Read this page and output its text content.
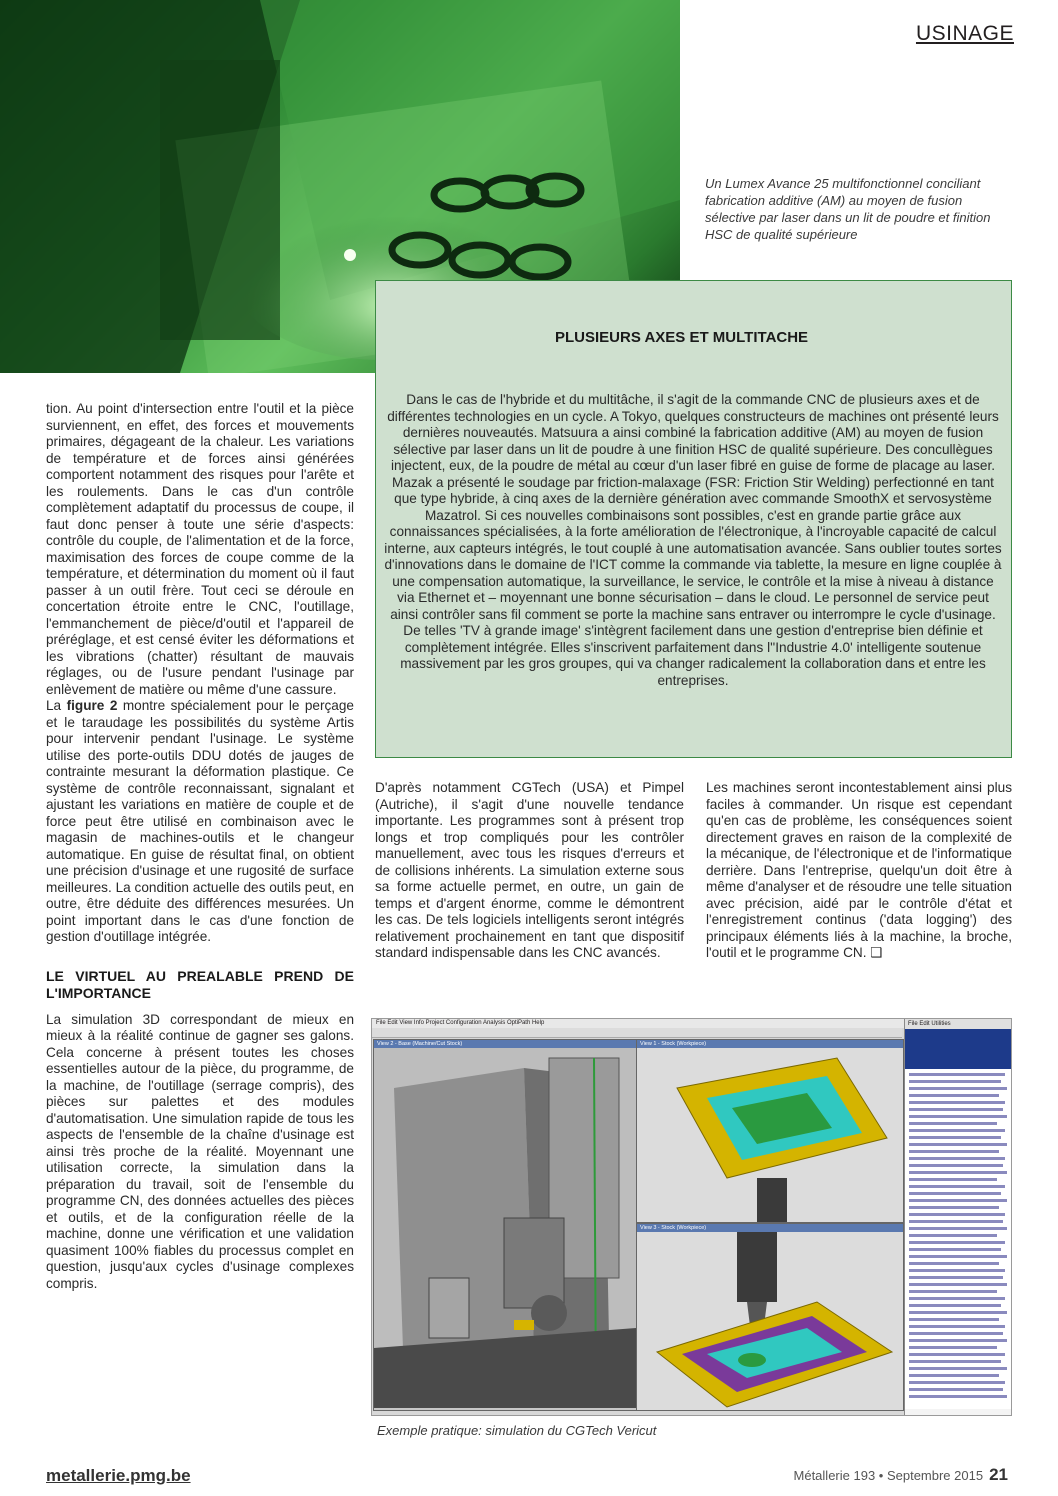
USINAGE
Un Lumex Avance 25 multifonctionnel conciliant fabrication additive (AM) au moyen de fusion sélective par laser dans un lit de poudre et finition HSC de qualité supérieure
PLUSIEURS AXES ET MULTITACHE
Dans le cas de l'hybride et du multitâche, il s'agit de la commande CNC de plusieurs axes et de différentes technologies en un cycle. A Tokyo, quelques constructeurs de machines ont présenté leurs dernières nouveautés. Matsuura a ainsi combiné la fabrication additive (AM) au moyen de fusion sélective par laser dans un lit de poudre à une finition HSC de qualité supérieure. Des concullègues injectent, eux, de la poudre de métal au cœur d'un laser fibré en guise de forme de placage au laser. Mazak a présenté le soudage par friction-malaxage (FSR: Friction Stir Welding) perfectionné en tant que type hybride, à cinq axes de la dernière génération avec commande SmoothX et servosystème Mazatrol. Si ces nouvelles combinaisons sont possibles, c'est en grande partie grâce aux connaissances spécialisées, à la forte amélioration de l'électronique, à l'incroyable capacité de calcul interne, aux capteurs intégrés, le tout couplé à une automatisation avancée. Sans oublier toutes sortes d'innovations dans le domaine de l'ICT comme la commande via tablette, la mesure en ligne couplée à une compensation automatique, la surveillance, le service, le contrôle et la mise à niveau à distance via Ethernet et – moyennant une bonne sécurisation – dans le cloud. Le personnel de service peut ainsi contrôler sans fil comment se porte la machine sans entraver ou interrompre le cycle d'usinage. De telles 'TV à grande image' s'intègrent facilement dans une gestion d'entreprise bien définie et complètement intégrée. Elles s'inscrivent parfaitement dans l''Industrie 4.0' intelligente soutenue massivement par les gros groupes, qui va changer radicalement la collaboration dans et entre les entreprises.

tion. Au point d'intersection entre l'outil et la pièce surviennent, en effet, des forces et mouvements primaires, dégageant de la chaleur. Les variations de température et de forces ainsi générées comportent notamment des risques pour l'arête et les roulements. Dans le cas d'un contrôle complètement adaptatif du processus de coupe, il faut donc penser à toute une série d'aspects: contrôle du couple, de l'alimentation et de la force, maximisation des forces de coupe comme de la température, et détermination du moment où il faut passer à un outil frère. Tout ceci se déroule en concertation étroite entre le CNC, l'outillage, l'emmanchement de pièce/d'outil et l'appareil de préréglage, et est censé éviter les déformations et les vibrations (chatter) résultant de mauvais réglages, ou de l'usure pendant l'usinage par enlèvement de matière ou même d'une cassure.

La figure 2 montre spécialement pour le perçage et le taraudage les possibilités du système Artis pour intervenir pendant l'usinage. Le système utilise des porte-outils DDU dotés de jauges de contrainte mesurant la déformation plastique. Ce système de contrôle reconnaissant, signalant et ajustant les variations en matière de couple et de force peut être utilisé en combinaison avec le magasin de machines-outils et le changeur automatique. En guise de résultat final, on obtient une précision d'usinage et une rugosité de surface meilleures. La condition actuelle des outils peut, en outre, être déduite des différences mesurées. Un point important dans le cas d'une fonction de gestion d'outillage intégrée.

LE VIRTUEL AU PREALABLE PREND DE L'IMPORTANCE

La simulation 3D correspondant de mieux en mieux à la réalité continue de gagner ses galons. Cela concerne à présent toutes les choses essentielles autour de la pièce, du programme, de la machine, de l'outillage (serrage compris), des pièces sur palettes et des modules d'automatisation. Une simulation rapide de tous les aspects de l'ensemble de la chaîne d'usinage est ainsi très proche de la réalité. Moyennant une utilisation correcte, la simulation dans la préparation du travail, soit de l'ensemble du programme CN, des données actuelles des pièces et outils, et de la configuration réelle de la machine, donne une vérification et une validation quasiment 100% fiables du processus complet en question, jusqu'aux cycles d'usinage complexes compris.

D'après notamment CGTech (USA) et Pimpel (Autriche), il s'agit d'une nouvelle tendance importante. Les programmes sont à présent trop longs et trop compliqués pour les contrôler manuellement, avec tous les risques d'erreurs et de collisions inhérents. La simulation externe sous sa forme actuelle permet, en outre, un gain de temps et d'argent énorme, comme le démontrent les cas. De tels logiciels intelligents seront intégrés relativement prochainement en tant que dispositif standard indispensable dans les CNC avancés.

Les machines seront incontestablement ainsi plus faciles à commander. Un risque est cependant qu'en cas de problème, les conséquences soient directement graves en raison de la complexité de la mécanique, de l'électronique et de l'informatique derrière. Dans l'entreprise, quelqu'un doit être à même d'analyser et de résoudre une telle situation avec précision, aidé par le contrôle d'état et l'enregistrement continus ('data logging') des principaux éléments liés à la machine, la broche, l'outil et le programme CN. ❑

File Edit View Info Project Configuration Analysis OptiPath Help
View 2 - Base (Machine/Cut Stock)	View 1 - Stock (Workpiece)
View 3 - Stock (Workpiece)
File Edit Utilities
Exemple pratique: simulation du CGTech Vericut
metallerie.pmg.be	Métallerie 193 • Septembre 2015 21
